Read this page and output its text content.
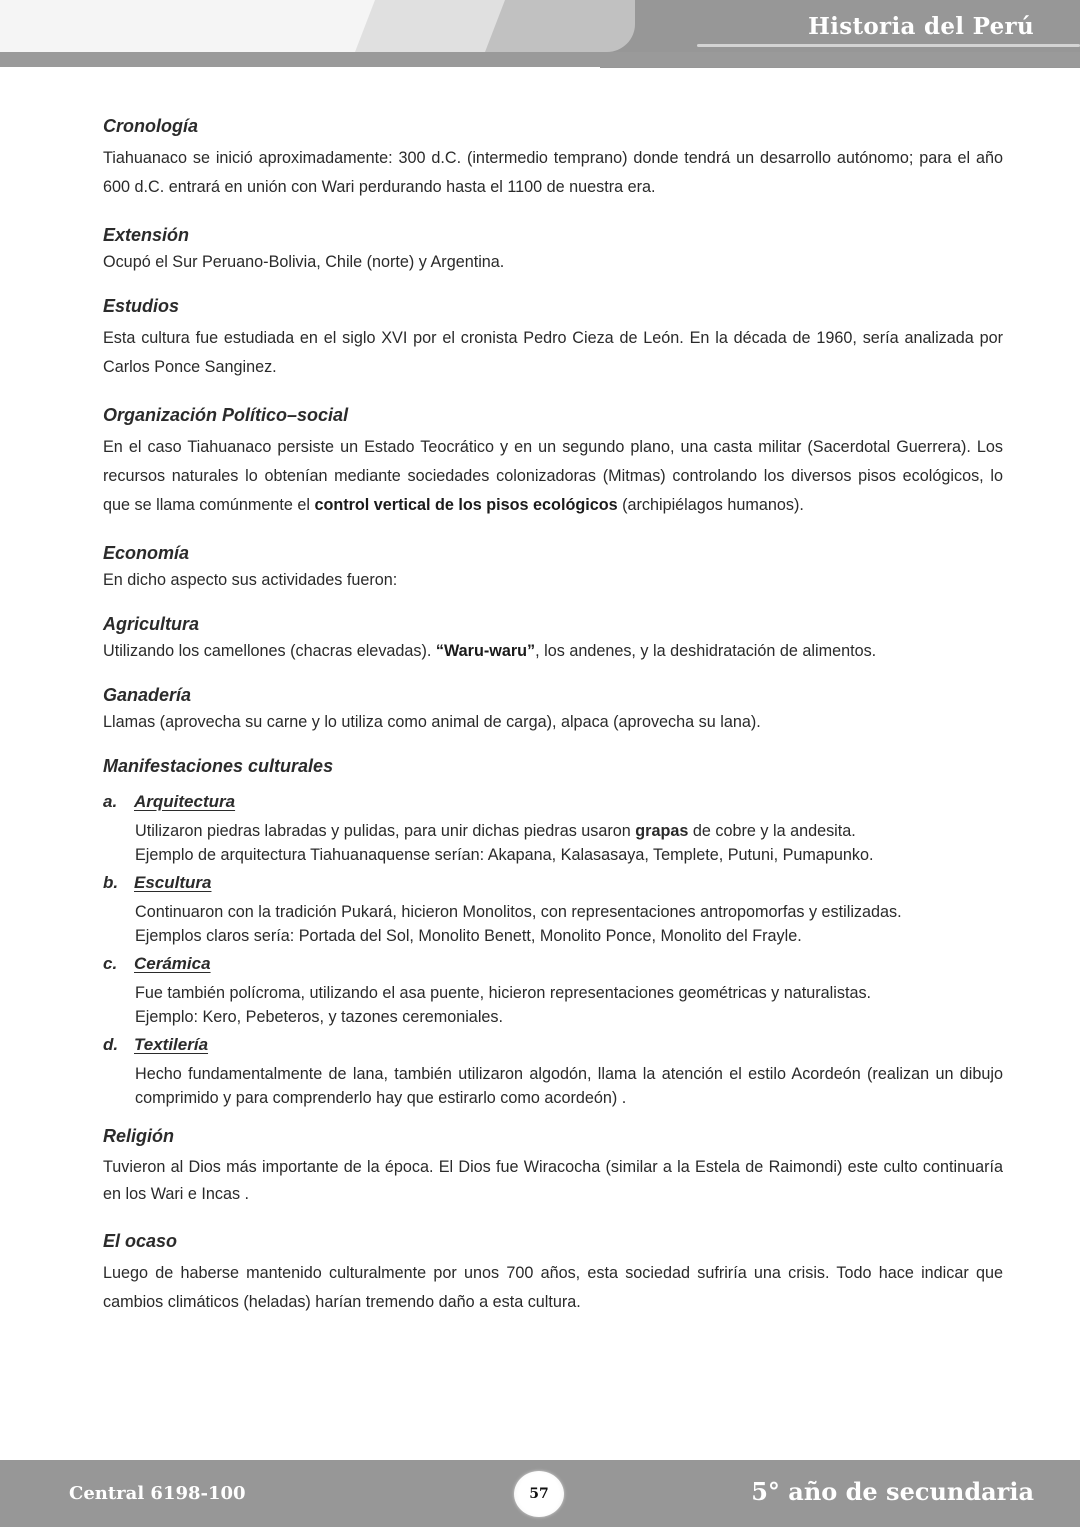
Historia del Perú
Cronología

Tiahuanaco se inició aproximadamente: 300 d.C. (intermedio temprano) donde tendrá un desarrollo autónomo; para el año 600 d.C. entrará en unión con Wari perdurando hasta el 1100 de nuestra era.

Extensión

Ocupó el Sur Peruano-Bolivia, Chile (norte) y Argentina.

Estudios

Esta cultura fue estudiada en el siglo XVI por el cronista Pedro Cieza de León. En la década de 1960, sería analizada por Carlos Ponce Sanginez.

Organización Político–social

En el caso Tiahuanaco persiste un Estado Teocrático y en un segundo plano, una casta militar (Sacerdotal Guerrera). Los recursos naturales lo obtenían mediante sociedades colonizadoras (Mitmas) controlando los diversos pisos ecológicos, lo que se llama comúnmente el control vertical de los pisos ecológicos (archipiélagos humanos).

Economía

En dicho aspecto sus actividades fueron:

Agricultura

Utilizando los camellones (chacras elevadas). “Waru-waru”, los andenes, y la deshidratación de alimentos.

Ganadería

Llamas (aprovecha su carne y lo utiliza como animal de carga), alpaca (aprovecha su lana).

Manifestaciones culturales
a. Arquitectura

Utilizaron piedras labradas y pulidas, para unir dichas piedras usaron grapas de cobre y la andesita.
Ejemplo de arquitectura Tiahuanaquense serían: Akapana, Kalasasaya, Templete, Putuni, Pumapunko.

b. Escultura

Continuaron con la tradición Pukará, hicieron Monolitos, con representaciones antropomorfas y estilizadas.
Ejemplos claros sería: Portada del Sol, Monolito Benett, Monolito Ponce, Monolito del Frayle.

c. Cerámica

Fue también polícroma, utilizando el asa puente, hicieron representaciones geométricas y naturalistas.
Ejemplo: Kero, Pebeteros, y tazones ceremoniales.

d. Textilería

Hecho fundamentalmente de lana, también utilizaron algodón, llama la atención el estilo Acordeón (realizan un dibujo comprimido y para comprenderlo hay que estirarlo como acordeón) .

Religión

Tuvieron al Dios más importante de la época. El Dios fue Wiracocha (similar a la Estela de Raimondi) este culto continuaría en los Wari e Incas .

El ocaso

Luego de haberse mantenido culturalmente por unos 700 años, esta sociedad sufriría una crisis. Todo hace indicar que cambios climáticos (heladas) harían tremendo daño a esta cultura.

Central 6198-100	57	5° año de secundaria
